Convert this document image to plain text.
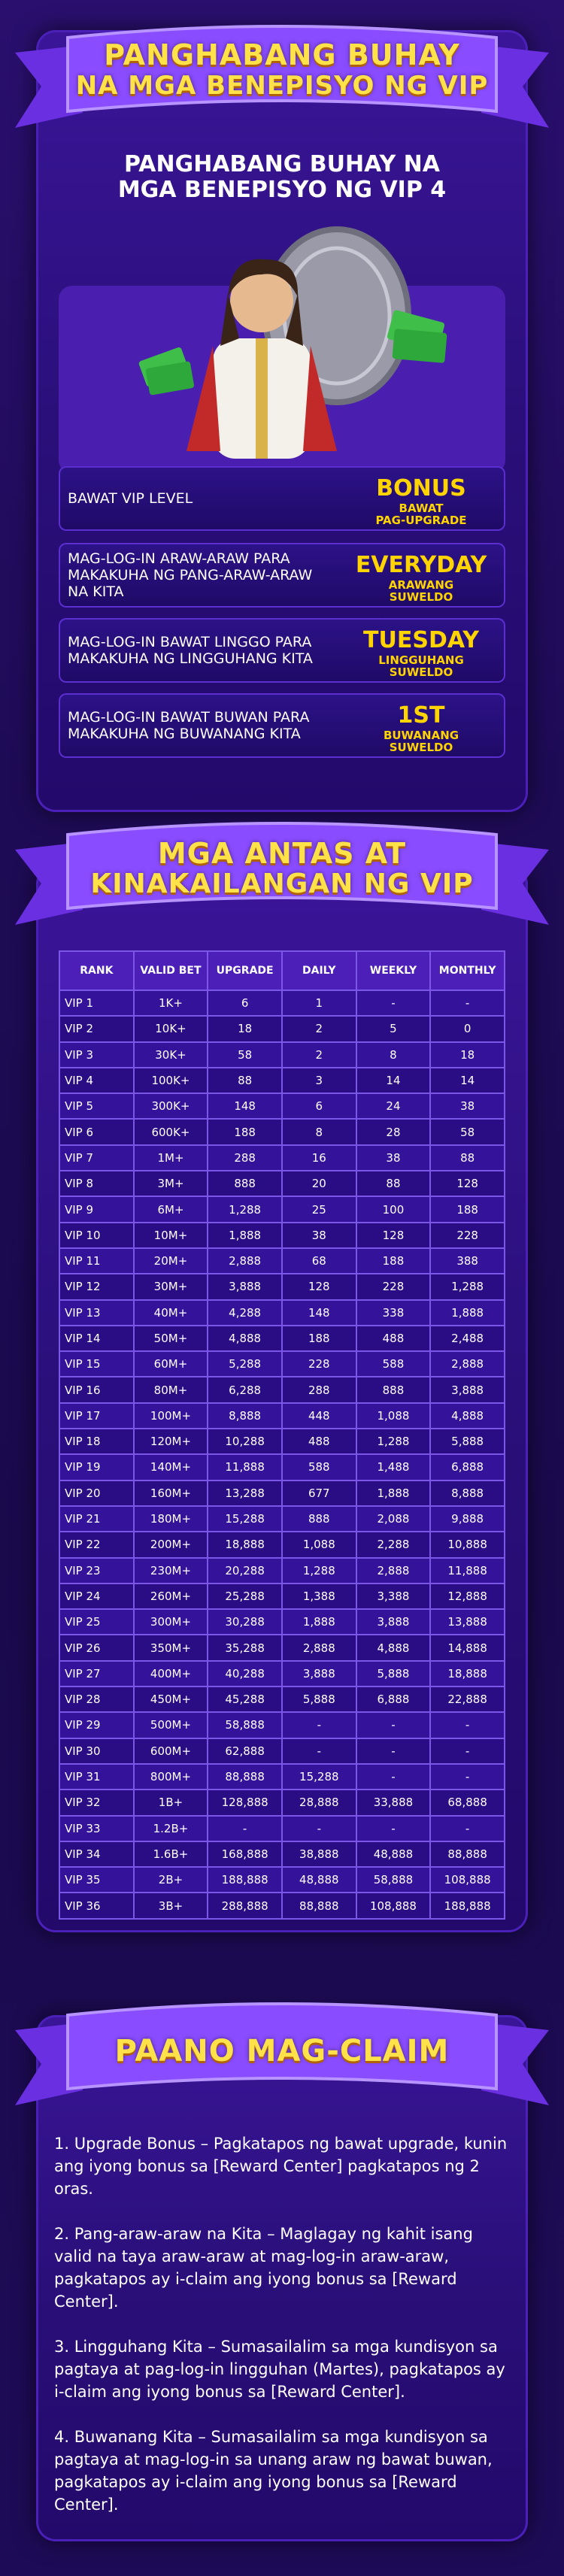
PANGHABANG BUHAY
NA MGA BENEPISYO NG VIP
PANGHABANG BUHAY NA
MGA BENEPISYO NG VIP 4
BAWAT VIP LEVEL	BONUS
BAWAT
PAG-UPGRADE
MAG-LOG-IN ARAW-ARAW PARA MAKAKUHA NG PANG-ARAW-ARAW NA KITA
EVERYDAY
ARAWANG
SUWELDO
MAG-LOG-IN BAWAT LINGGO PARA MAKAKUHA NG LINGGUHANG KITA
TUESDAY
LINGGUHANG
SUWELDO
MAG-LOG-IN BAWAT BUWAN PARA MAKAKUHA NG BUWANANG KITA
1ST
BUWANANG
SUWELDO
MGA ANTAS AT
KINAKAILANGAN NG VIP
RANK	VALID BET	UPGRADE	DAILY	WEEKLY	MONTHLY
VIP 1	1K+	6	1	-	-
VIP 2	10K+	18	2	5	0
VIP 3	30K+	58	2	8	18
VIP 4	100K+	88	3	14	14
VIP 5	300K+	148	6	24	38
VIP 6	600K+	188	8	28	58
VIP 7	1M+	288	16	38	88
VIP 8	3M+	888	20	88	128
VIP 9	6M+	1,288	25	100	188
VIP 10	10M+	1,888	38	128	228
VIP 11	20M+	2,888	68	188	388
VIP 12	30M+	3,888	128	228	1,288
VIP 13	40M+	4,288	148	338	1,888
VIP 14	50M+	4,888	188	488	2,488
VIP 15	60M+	5,288	228	588	2,888
VIP 16	80M+	6,288	288	888	3,888
VIP 17	100M+	8,888	448	1,088	4,888
VIP 18	120M+	10,288	488	1,288	5,888
VIP 19	140M+	11,888	588	1,488	6,888
VIP 20	160M+	13,288	677	1,888	8,888
VIP 21	180M+	15,288	888	2,088	9,888
VIP 22	200M+	18,888	1,088	2,288	10,888
VIP 23	230M+	20,288	1,288	2,888	11,888
VIP 24	260M+	25,288	1,388	3,388	12,888
VIP 25	300M+	30,288	1,888	3,888	13,888
VIP 26	350M+	35,288	2,888	4,888	14,888
VIP 27	400M+	40,288	3,888	5,888	18,888
VIP 28	450M+	45,288	5,888	6,888	22,888
VIP 29	500M+	58,888	-	-	-
VIP 30	600M+	62,888	-	-	-
VIP 31	800M+	88,888	15,288	-	-
VIP 32	1B+	128,888	28,888	33,888	68,888
VIP 33	1.2B+	-	-	-	-
VIP 34	1.6B+	168,888	38,888	48,888	88,888
VIP 35	2B+	188,888	48,888	58,888	108,888
VIP 36	3B+	288,888	88,888	108,888	188,888
PAANO MAG-CLAIM

1. Upgrade Bonus – Pagkatapos ng bawat upgrade, kunin ang iyong bonus sa [Reward Center] pagkatapos ng 2 oras.

2. Pang-araw-araw na Kita – Maglagay ng kahit isang valid na taya araw-araw at mag-log-in araw-araw, pagkatapos ay i-claim ang iyong bonus sa [Reward Center].

3. Lingguhang Kita – Sumasailalim sa mga kundisyon sa pagtaya at pag-log-in lingguhan (Martes), pagkatapos ay i-claim ang iyong bonus sa [Reward Center].

4. Buwanang Kita – Sumasailalim sa mga kundisyon sa pagtaya at mag-log-in sa unang araw ng bawat buwan, pagkatapos ay i-claim ang iyong bonus sa [Reward Center].
